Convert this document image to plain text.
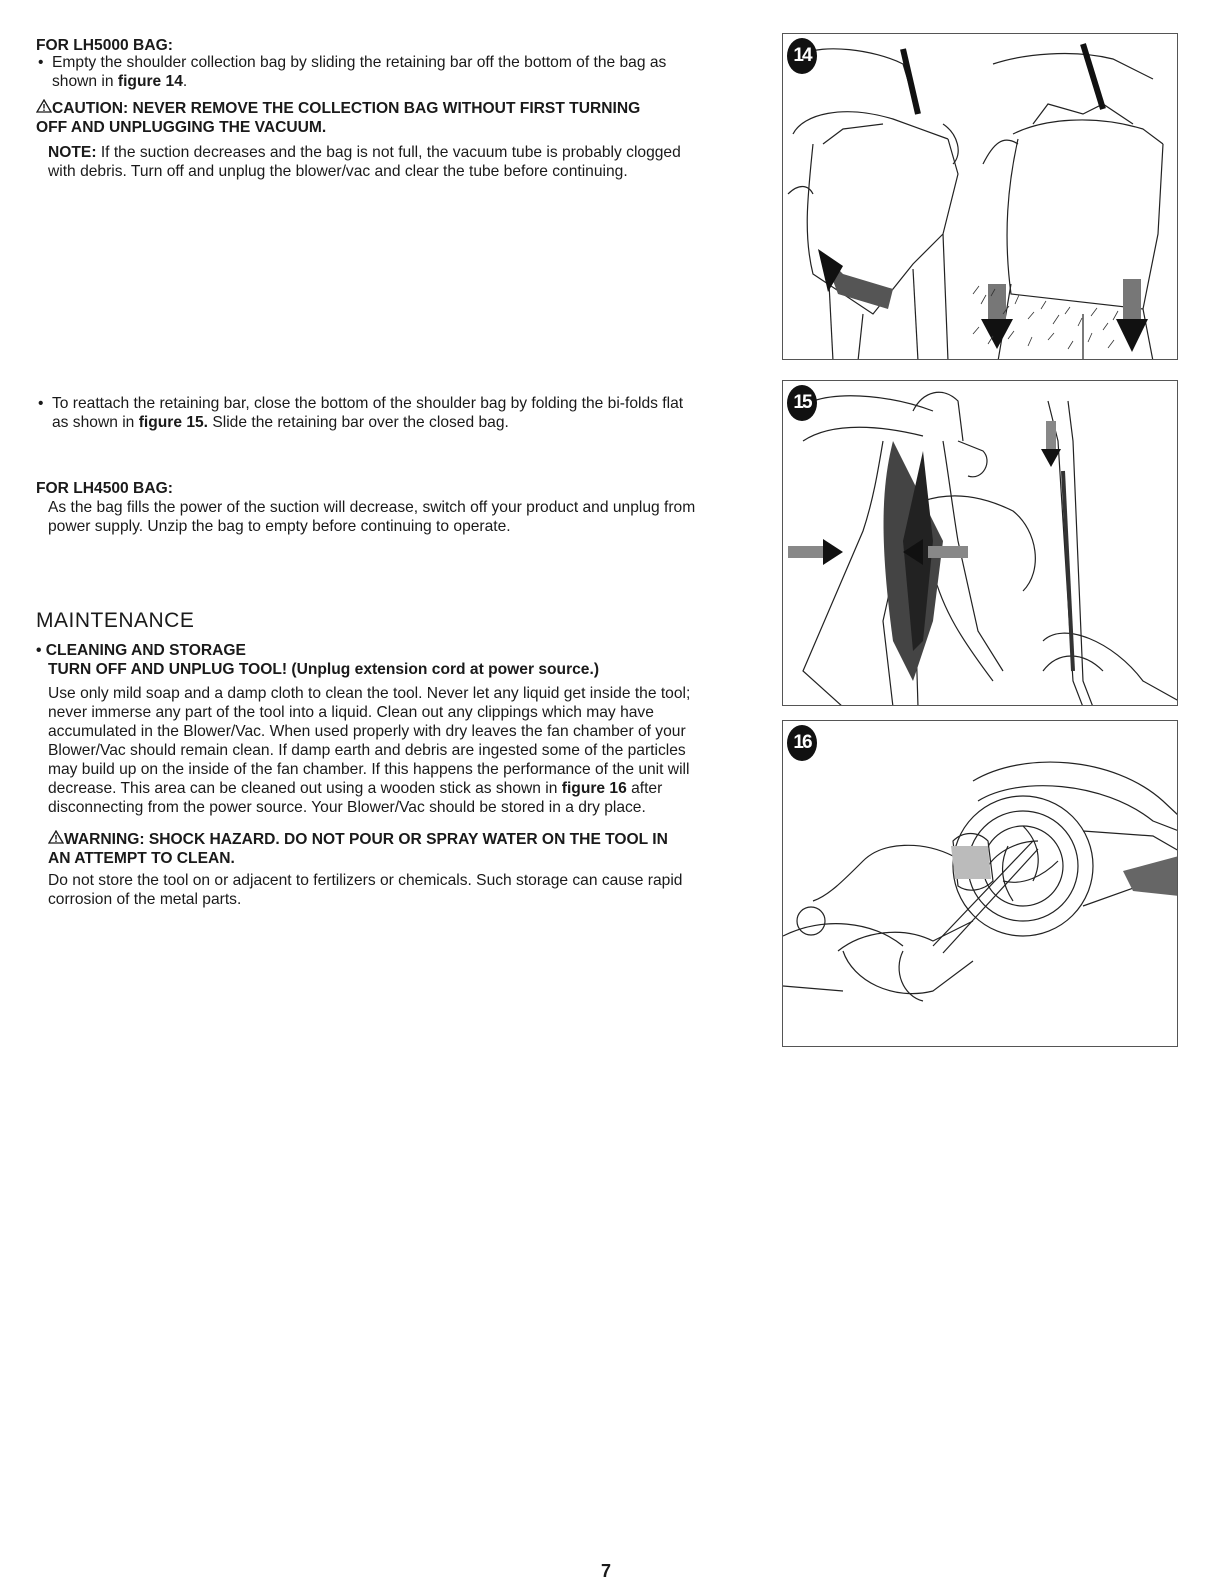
FOR LH5000 BAG:
• Empty the shoulder collection bag by sliding the retaining bar off the bottom of the bag as
shown in figure 14.
CAUTION: NEVER REMOVE THE COLLECTION BAG WITHOUT FIRST TURNING
OFF AND UNPLUGGING THE VACUUM.
NOTE: If the suction decreases and the bag is not full, the vacuum tube is probably clogged
with debris. Turn off and unplug the blower/vac and clear the tube before continuing.
• To reattach the retaining bar, close the bottom of the shoulder bag by folding the bi-folds flat
as shown in figure 15. Slide the retaining bar over the closed bag.
FOR LH4500 BAG:
As the bag fills the power of the suction will decrease, switch off your product and unplug from
power supply. Unzip the bag to empty before continuing to operate.
MAINTENANCE
• CLEANING AND STORAGE
TURN OFF AND UNPLUG TOOL! (Unplug extension cord at power source.)
Use only mild soap and a damp cloth to clean the tool. Never let any liquid get inside the tool;
never immerse any part of the tool into a liquid. Clean out any clippings which may have
accumulated in the Blower/Vac. When used properly with dry leaves the fan chamber of your
Blower/Vac should remain clean. If damp earth and debris are ingested some of the particles
may build up on the inside of the fan chamber. If this happens the performance of the unit will
decrease. This area can be cleaned out using a wooden stick as shown in figure 16 after
disconnecting from the power source. Your Blower/Vac should be stored in a dry place.
WARNING: SHOCK HAZARD. DO NOT POUR OR SPRAY WATER ON THE TOOL IN
AN ATTEMPT TO CLEAN.
Do not store the tool on or adjacent to fertilizers or chemicals. Such storage can cause rapid
corrosion of the metal parts.
14
15
16
7
